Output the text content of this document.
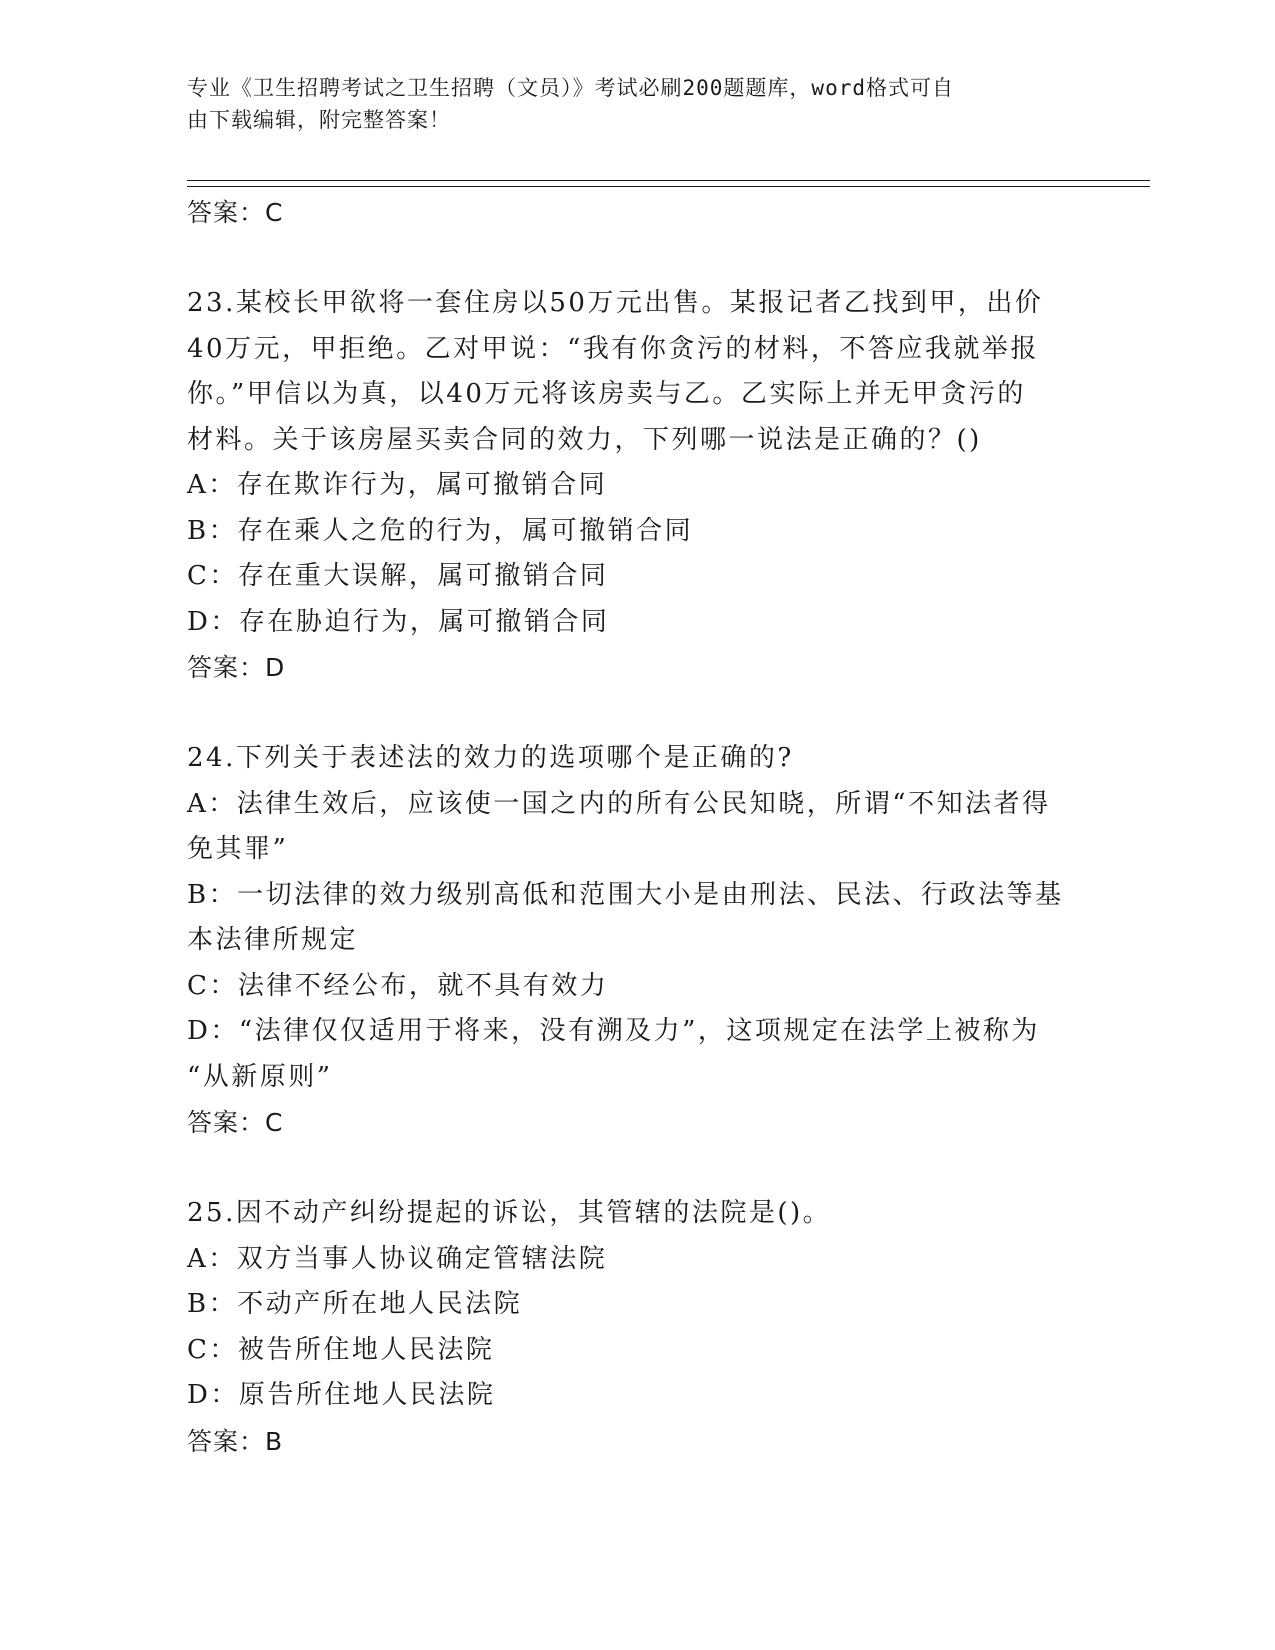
专业《卫生招聘考试之卫生招聘（文员）》考试必刷200题题库，word格式可自
由下载编辑，附完整答案！
答案：C
23.某校长甲欲将一套住房以50万元出售。某报记者乙找到甲，出价
40万元，甲拒绝。乙对甲说：“我有你贪污的材料，不答应我就举报
你。”甲信以为真，以40万元将该房卖与乙。乙实际上并无甲贪污的
材料。关于该房屋买卖合同的效力，下列哪一说法是正确的？()
A：存在欺诈行为，属可撤销合同
B：存在乘人之危的行为，属可撤销合同
C：存在重大误解，属可撤销合同
D：存在胁迫行为，属可撤销合同
答案：D
24.下列关于表述法的效力的选项哪个是正确的?
A：法律生效后，应该使一国之内的所有公民知晓，所谓“不知法者得
免其罪”
B：一切法律的效力级别高低和范围大小是由刑法、民法、行政法等基
本法律所规定
C：法律不经公布，就不具有效力
D：“法律仅仅适用于将来，没有溯及力”，这项规定在法学上被称为
“从新原则”
答案：C
25.因不动产纠纷提起的诉讼，其管辖的法院是()。
A：双方当事人协议确定管辖法院
B：不动产所在地人民法院
C：被告所住地人民法院
D：原告所住地人民法院
答案：B
